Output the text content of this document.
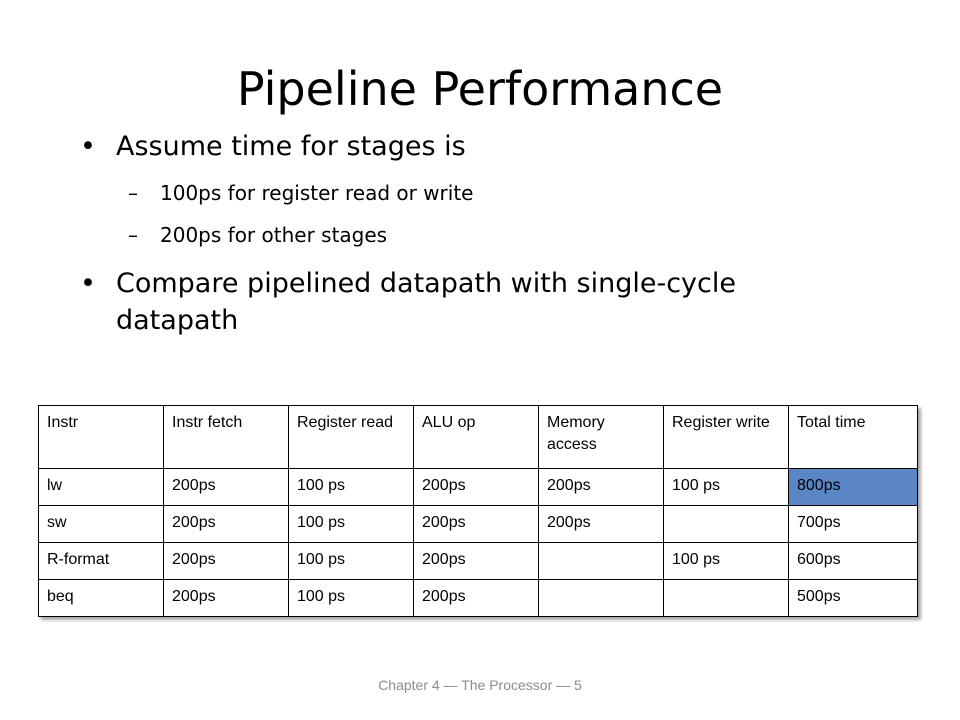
Pipeline Performance
• Assume time for stages is
– 100ps for register read or write
– 200ps for other stages
• Compare pipelined datapath with single-cycle
datapath
Instr	Instr fetch	Register read	ALU op	Memory access	Register write	Total time
lw	200ps	100 ps	200ps	200ps	100 ps	800ps
sw	200ps	100 ps	200ps	200ps		700ps
R-format	200ps	100 ps	200ps		100 ps	600ps
beq	200ps	100 ps	200ps			500ps
Chapter 4 — The Processor — 5
